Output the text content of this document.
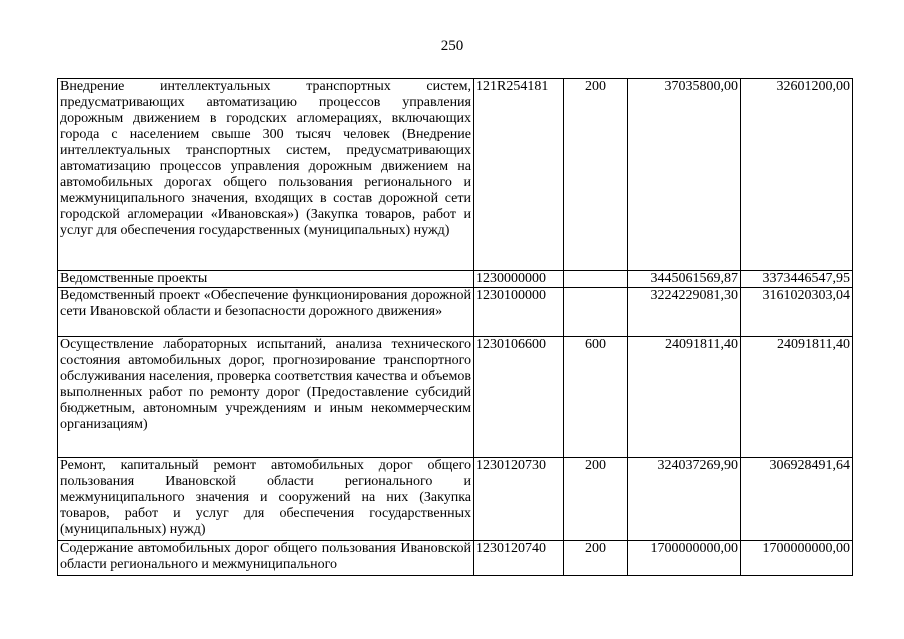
250
Внедрение интеллектуальных транспортных систем, предусматривающих автоматизацию процессов управления дорожным движением в городских агломерациях, включающих города с населением свыше 300 тысяч человек (Внедрение интеллектуальных транспортных систем, предусматривающих автоматизацию процессов управления дорожным движением на автомобильных дорогах общего пользования регионального и межмуниципального значения, входящих в состав дорожной сети городской агломерации «Ивановская») (Закупка товаров, работ и услуг для обеспечения государственных (муниципальных) нужд)	121R254181	200	37035800,00	32601200,00
Ведомственные проекты	1230000000		3445061569,87	3373446547,95
Ведомственный проект «Обеспечение функционирования дорожной сети Ивановской области и безопасности дорожного движения»	1230100000		3224229081,30	3161020303,04
Осуществление лабораторных испытаний, анализа технического состояния автомобильных дорог, прогнозирование транспортного обслуживания населения, проверка соответствия качества и объемов выполненных работ по ремонту дорог (Предоставление субсидий бюджетным, автономным учреждениям и иным некоммерческим организациям)	1230106600	600	24091811,40	24091811,40
Ремонт, капитальный ремонт автомобильных дорог общего пользования Ивановской области регионального и межмуниципального значения и сооружений на них (Закупка товаров, работ и услуг для обеспечения государственных (муниципальных) нужд)	1230120730	200	324037269,90	306928491,64
Содержание автомобильных дорог общего пользования Ивановской области регионального и межмуниципального	1230120740	200	1700000000,00	1700000000,00
